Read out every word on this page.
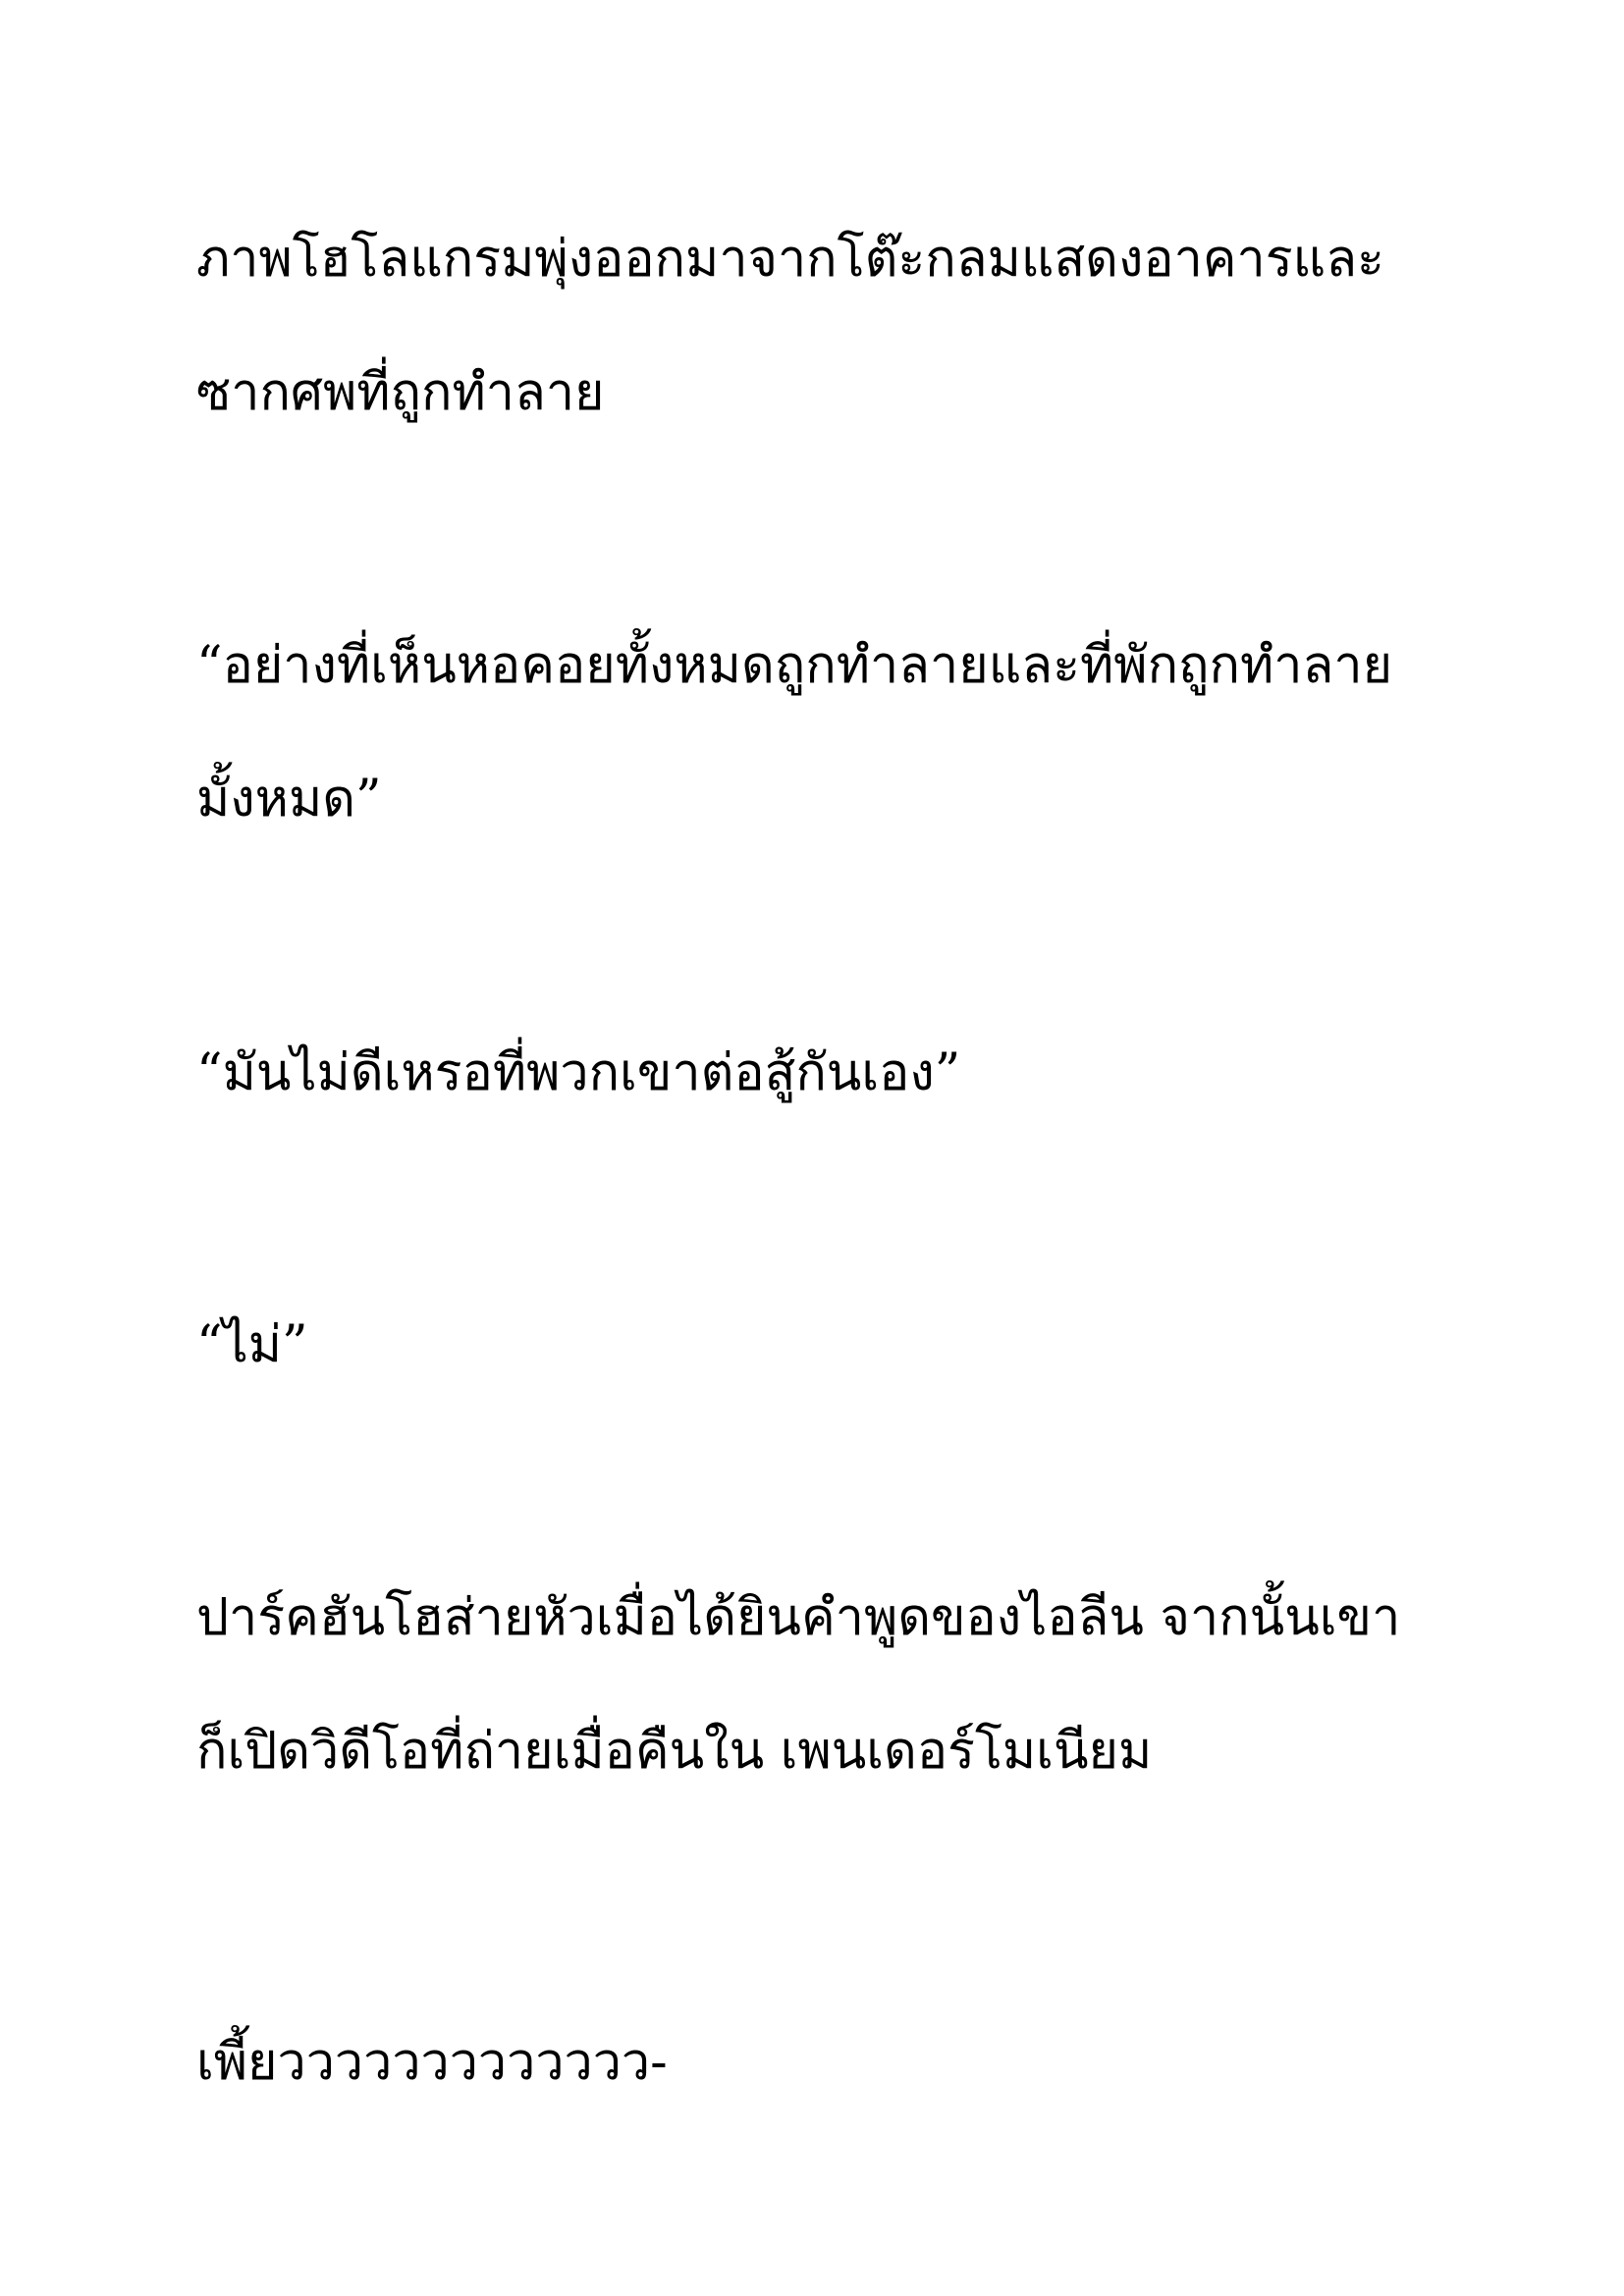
ภาพโฮโลแกรมพุ่งออกมาจากโต๊ะกลมแสดงอาคารและ
ซากศพที่ถูกทำลาย

“อย่างที่เห็นหอคอยทั้งหมดถูกทำลายและที่พักถูกทำลาย
มั้งหมด”

“มันไม่ดีเหรอที่พวกเขาต่อสู้กันเอง”

“ไม่”

ปาร์คฮันโฮส่ายหัวเมื่อได้ยินคำพูดของไอลีน จากนั้นเขา
ก็เปิดวิดีโอที่ถ่ายเมื่อคืนใน เพนเดอร์โมเนียม

เพี้ยววววววววววววว-
